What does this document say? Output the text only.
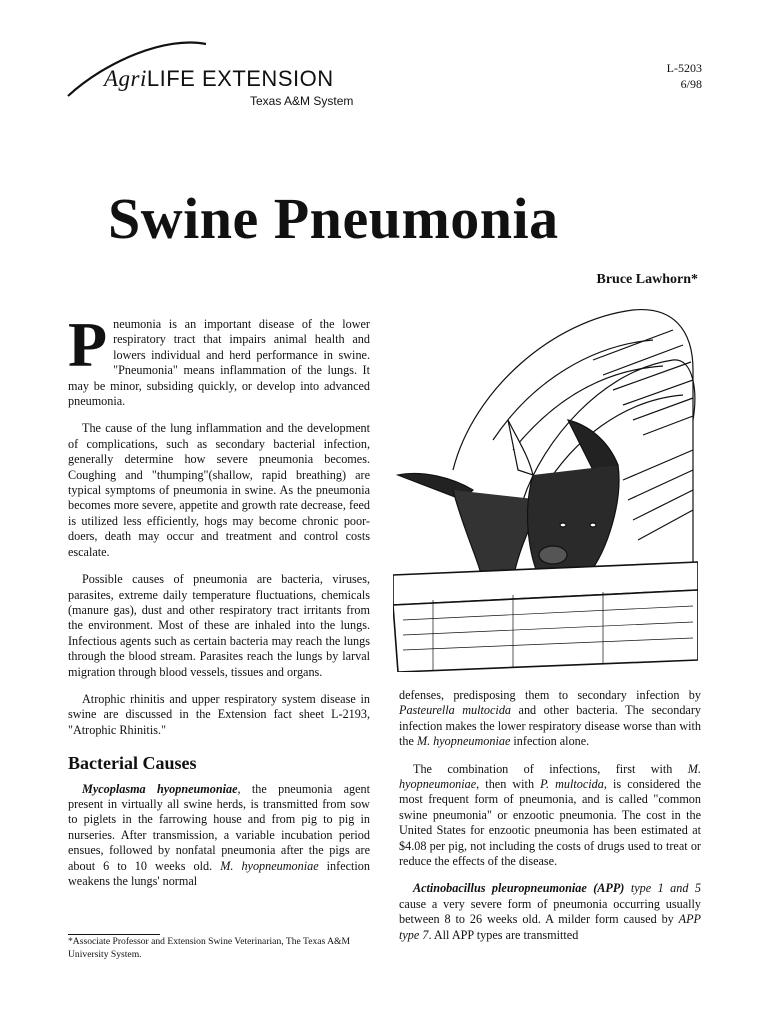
AgriLIFE EXTENSION
Texas A&M System
L-5203
6/98
Swine Pneumonia
Bruce Lawhorn*

Pneumonia is an important disease of the lower respiratory tract that impairs animal health and lowers individual and herd performance in swine. "Pneumonia" means inflammation of the lungs. It may be minor, subsiding quickly, or develop into advanced pneumonia.

The cause of the lung inflammation and the development of complications, such as secondary bacterial infection, generally determine how severe pneumonia becomes. Coughing and "thumping"(shallow, rapid breathing) are typical symptoms of pneumonia in swine. As the pneumonia becomes more severe, appetite and growth rate decrease, feed is utilized less efficiently, hogs may become chronic poor-doers, death may occur and treatment and control costs escalate.

Possible causes of pneumonia are bacteria, viruses, parasites, extreme daily temperature fluctuations, chemicals (manure gas), dust and other respiratory tract irritants from the environment. Most of these are inhaled into the lungs. Infectious agents such as certain bacteria may reach the lungs through the blood stream. Parasites reach the lungs by larval migration through blood vessels, tissues and organs.

Atrophic rhinitis and upper respiratory system disease in swine are discussed in the Extension fact sheet L-2193, "Atrophic Rhinitis."

Bacterial Causes

Mycoplasma hyopneumoniae, the pneumonia agent present in virtually all swine herds, is transmitted from sow to piglets in the farrowing house and from pig to pig in nurseries. After transmission, a variable incubation period ensues, followed by nonfatal pneumonia after the pigs are about 6 to 10 weeks old. M. hyopneumoniae infection weakens the lungs' normal

*Associate Professor and Extension Swine Veterinarian, The Texas A&M University System.

defenses, predisposing them to secondary infection by Pasteurella multocida and other bacteria. The secondary infection makes the lower respiratory disease worse than with the M. hyopneumoniae infection alone.

The combination of infections, first with M. hyopneumoniae, then with P. multocida, is considered the most frequent form of pneumonia, and is called "common swine pneumonia" or enzootic pneumonia. The cost in the United States for enzootic pneumonia has been estimated at $4.08 per pig, not including the costs of drugs used to treat or reduce the effects of the disease.

Actinobacillus pleuropneumoniae (APP) type 1 and 5 cause a very severe form of pneumonia occurring usually between 8 to 26 weeks old. A milder form caused by APP type 7. All APP types are transmitted
